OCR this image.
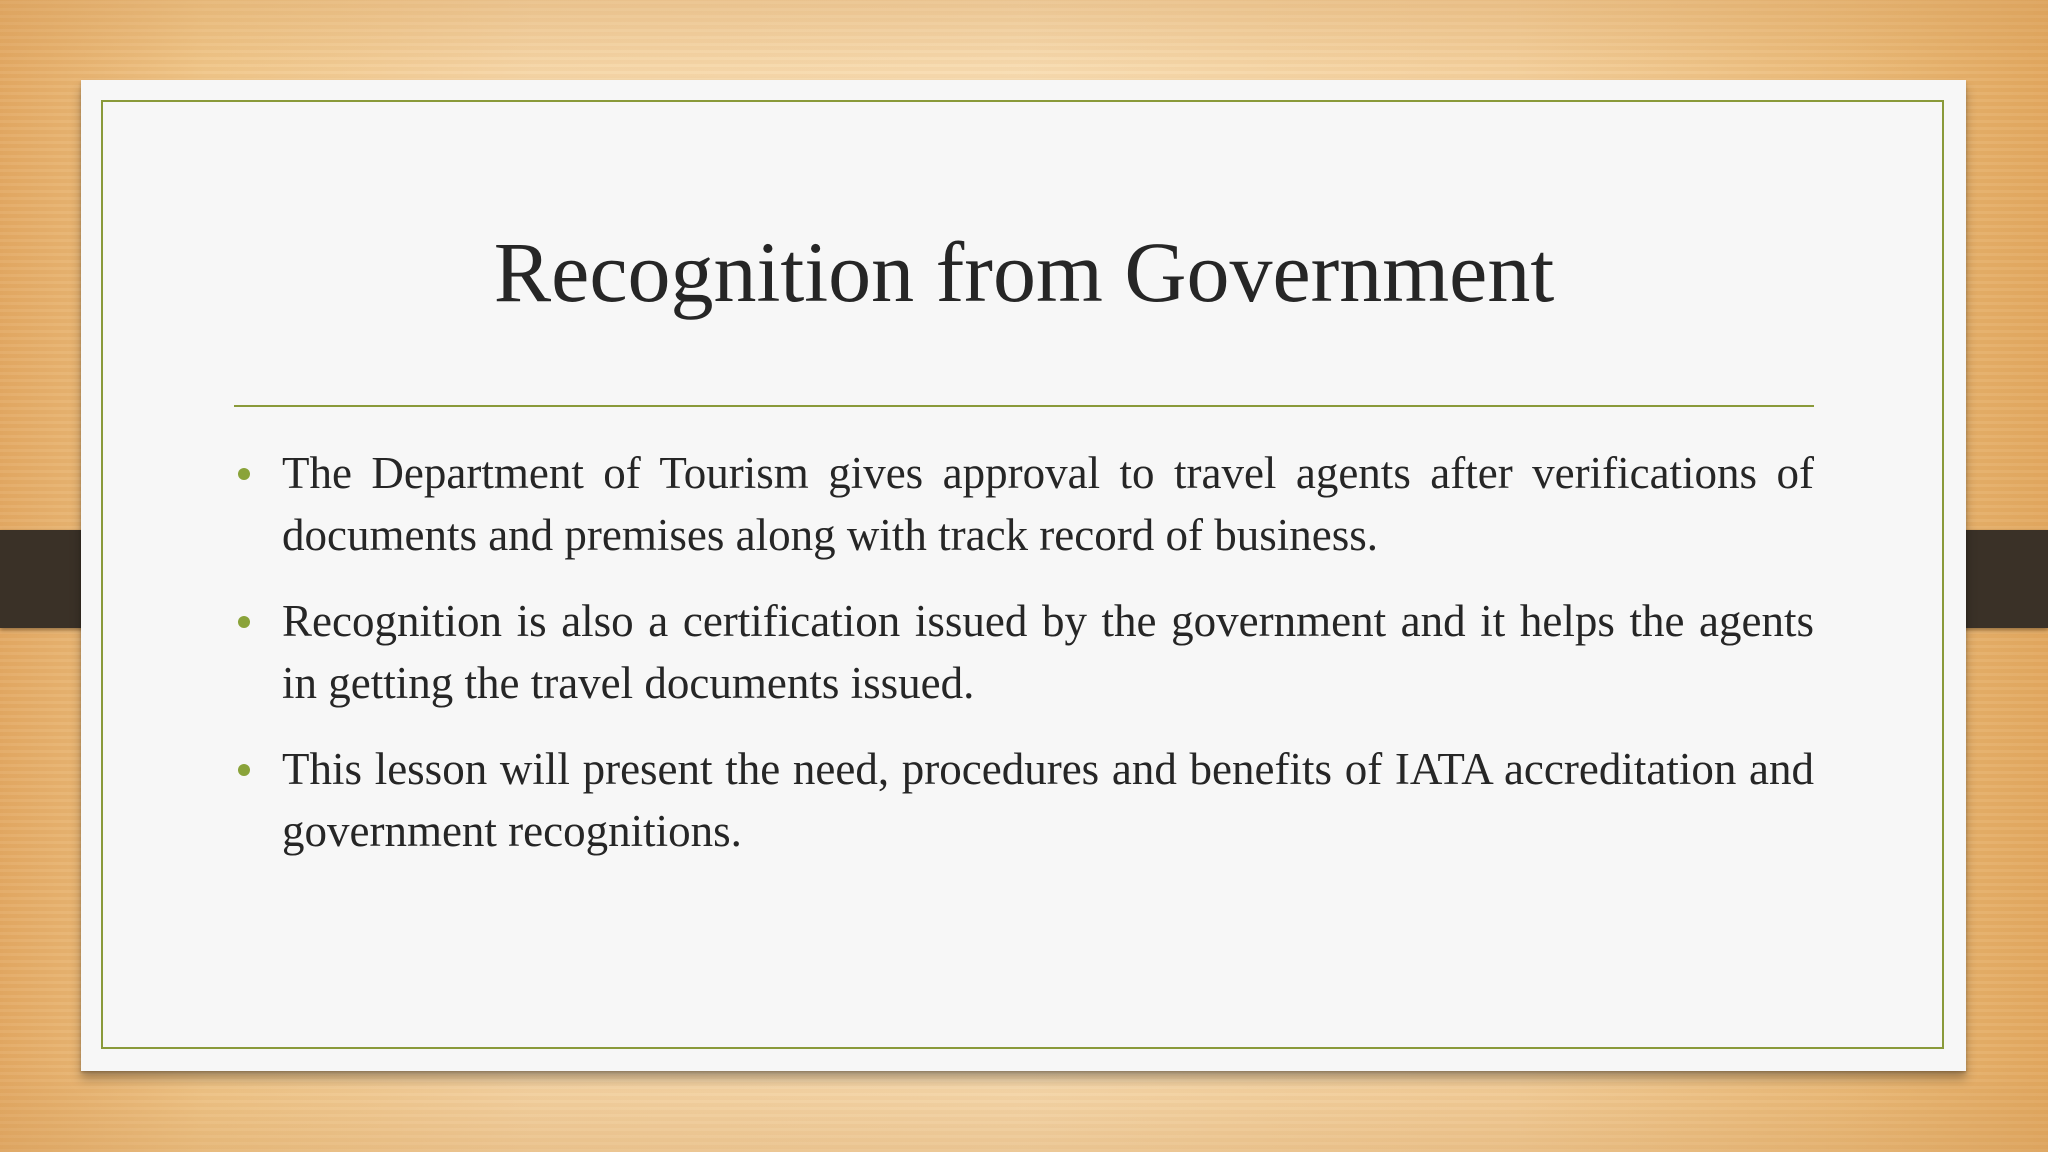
Recognition from Government
The Department of Tourism gives approval to travel agents after verifications of documents and premises along with track record of business.
Recognition is also a certification issued by the government and it helps the agents in getting the travel documents issued.
This lesson will present the need, procedures and benefits of IATA accreditation and government recognitions.
